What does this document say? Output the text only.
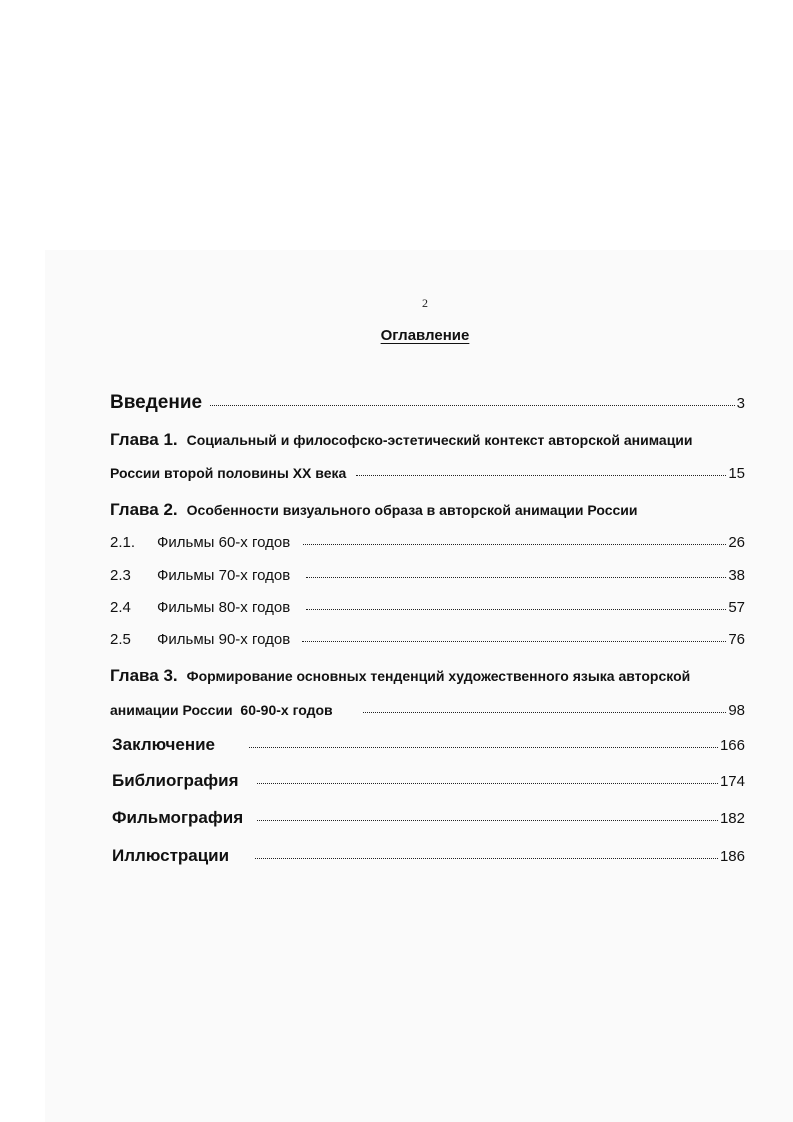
2
Оглавление
Введение	3
Глава 1. Социальный и философско-эстетический контекст авторской анимации
России второй половины XX века	15
Глава 2. Особенности визуального образа в авторской анимации России
2.1.	Фильмы 60-х годов	26
2.3	Фильмы 70-х годов	38
2.4	Фильмы 80-х годов	57
2.5	Фильмы 90-х годов	76
Глава 3. Формирование основных тенденций художественного языка авторской
анимации России  60-90-х годов	98
Заключение	166
Библиография	174
Фильмография	182
Иллюстрации	186
